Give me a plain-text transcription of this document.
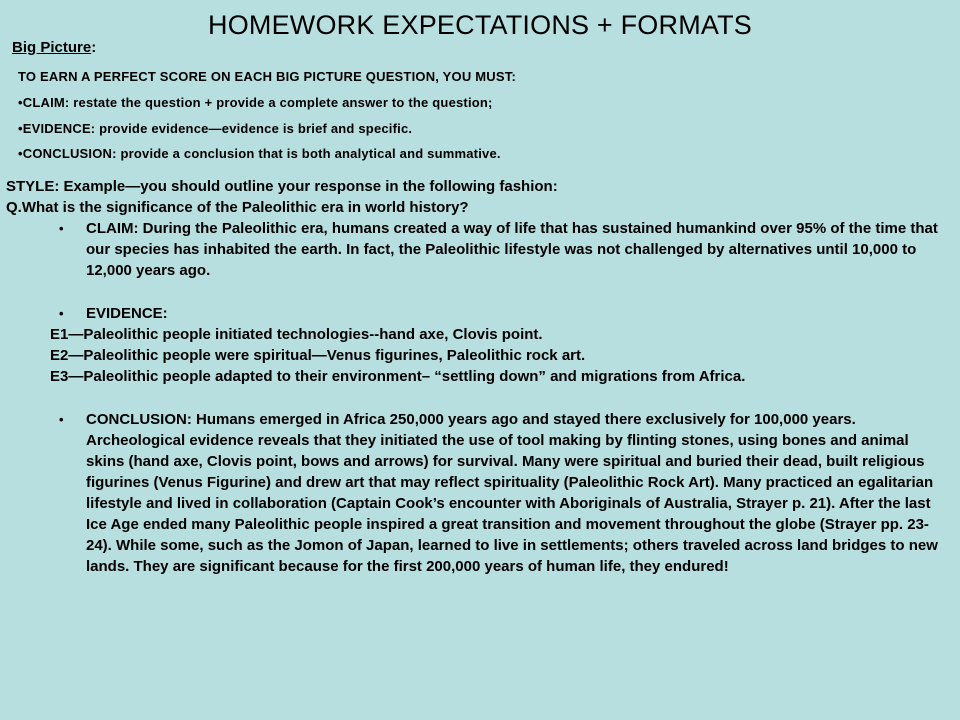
HOMEWORK EXPECTATIONS + FORMATS
Big Picture:
TO EARN A PERFECT SCORE ON EACH BIG PICTURE QUESTION, YOU MUST:
•CLAIM: restate the question + provide a complete answer to the question;
•EVIDENCE: provide evidence—evidence is brief and specific.
•CONCLUSION: provide a conclusion that is both analytical and summative.
STYLE: Example—you should outline your response in the following fashion:
Q.What is the significance of the Paleolithic era in world history?
• CLAIM: During the Paleolithic era, humans created a way of life that has sustained humankind over 95% of the time that our species has inhabited the earth. In fact, the Paleolithic lifestyle was not challenged by alternatives until 10,000 to 12,000 years ago.
• EVIDENCE:
E1—Paleolithic people initiated technologies--hand axe, Clovis point.
E2—Paleolithic people were spiritual—Venus figurines, Paleolithic rock art.
E3—Paleolithic people adapted to their environment– “settling down” and migrations from Africa.
• CONCLUSION: Humans emerged in Africa 250,000 years ago and stayed there exclusively for 100,000 years. Archeological evidence reveals that they initiated the use of tool making by flinting stones, using bones and animal skins (hand axe, Clovis point, bows and arrows) for survival. Many were spiritual and buried their dead, built religious figurines (Venus Figurine) and drew art that may reflect spirituality (Paleolithic Rock Art). Many practiced an egalitarian lifestyle and lived in collaboration (Captain Cook’s encounter with Aboriginals of Australia, Strayer p. 21). After the last Ice Age ended many Paleolithic people inspired a great transition and movement throughout the globe (Strayer pp. 23-24). While some, such as the Jomon of Japan, learned to live in settlements; others traveled across land bridges to new lands. They are significant because for the first 200,000 years of human life, they endured!
